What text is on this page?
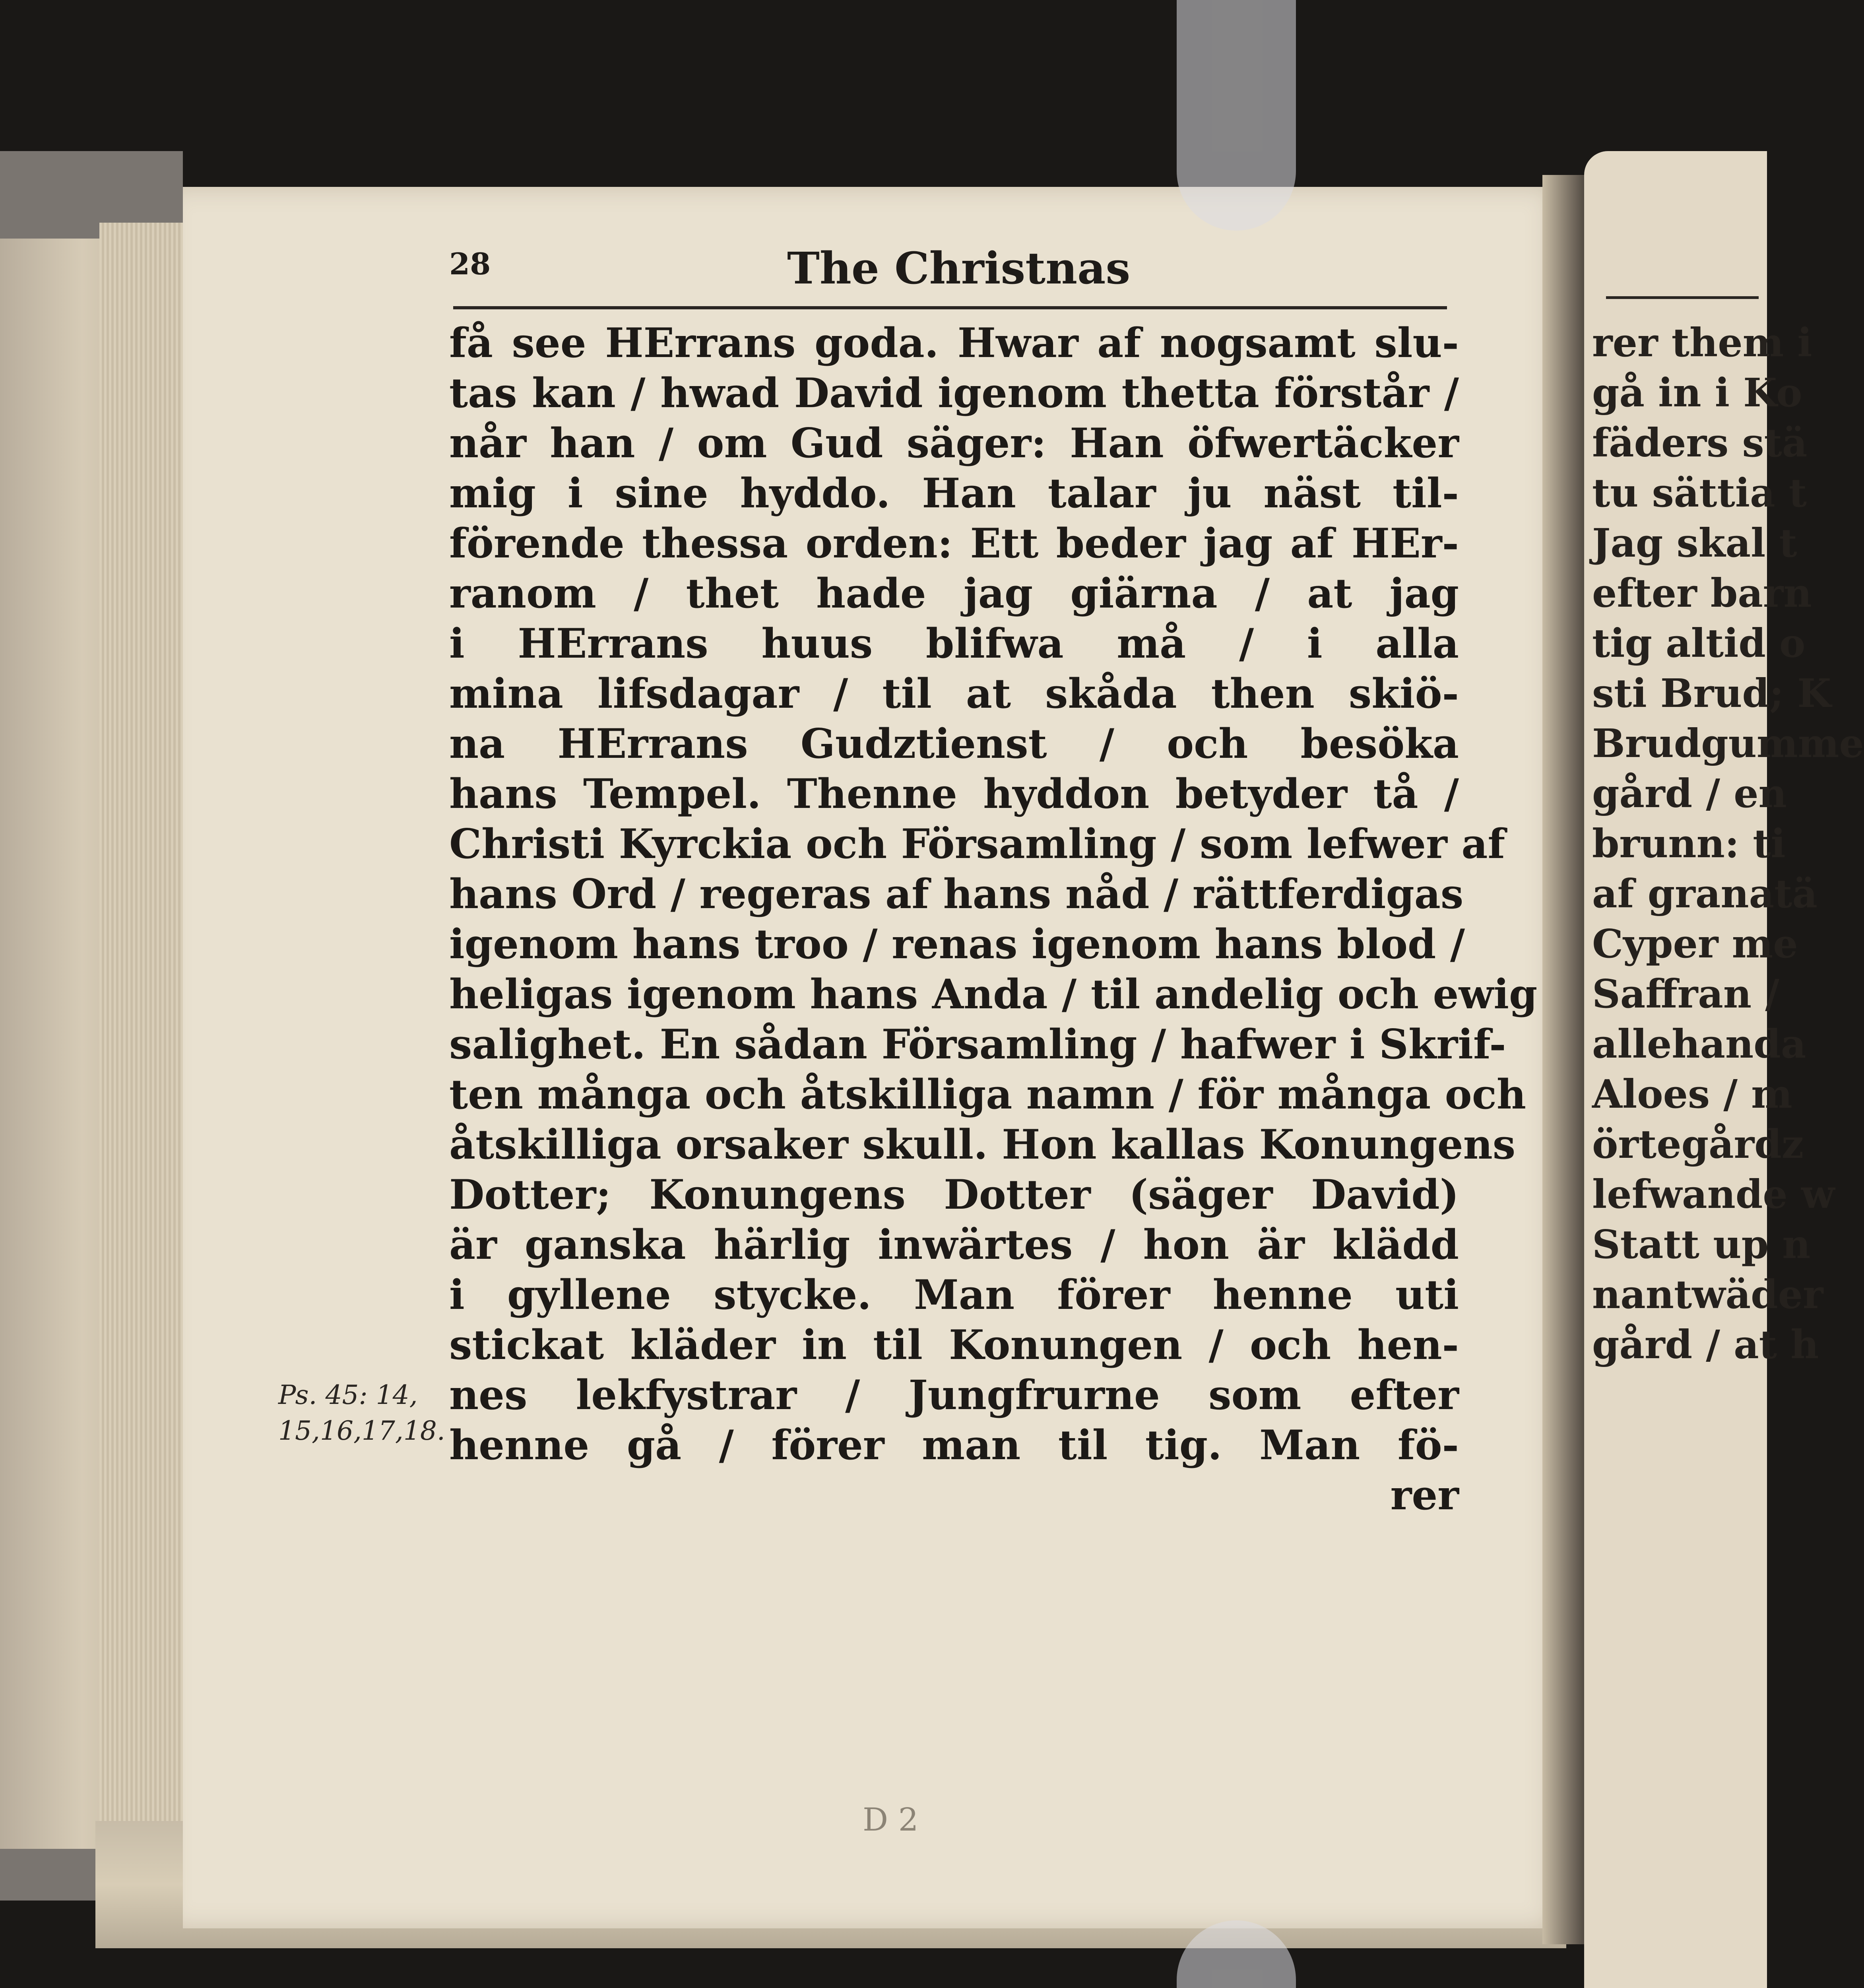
28	The Christnas
få see HErrans goda. Hwar af nogsamt slu-
tas kan / hwad David igenom thetta förstår /
når han / om Gud säger: Han öfwertäcker
mig i sine hyddo. Han talar ju näst til-
förende thessa orden: Ett beder jag af HEr-
ranom / thet hade jag giärna / at jag
i HErrans huus blifwa må / i alla
mina lifsdagar / til at skåda then skiö-
na HErrans Gudztienst / och besöka
hans Tempel. Thenne hyddon betyder tå /
Christi Kyrckia och Församling / som lefwer af
hans Ord / regeras af hans nåd / rättferdigas
igenom hans troo / renas igenom hans blod /
heligas igenom hans Anda / til andelig och ewig
salighet. En sådan Församling / hafwer i Skrif-
ten många och åtskilliga namn / för många och
åtskilliga orsaker skull. Hon kallas Konungens
Dotter; Konungens Dotter (säger David)
är ganska härlig inwärtes / hon är klädd
i gyllene stycke. Man förer henne uti
stickat kläder in til Konungen / och hen-
nes lekfystrar / Jungfrurne som efter
henne gå / förer man til tig. Man fö-
rer
Ps. 45: 14,
15,16,17,18.
D 2
rer them i
gå in i Ko
fäders stä
tu sättia t
Jag skal t
efter barn
tig altid o
sti Brud; K
Brudgumme
gård / en
brunn: ti
af granatä
Cyper me
Saffran /
allehanda
Aloes / m
örtegårdz
lefwande w
Statt up n
nantwäder
gård / at h
